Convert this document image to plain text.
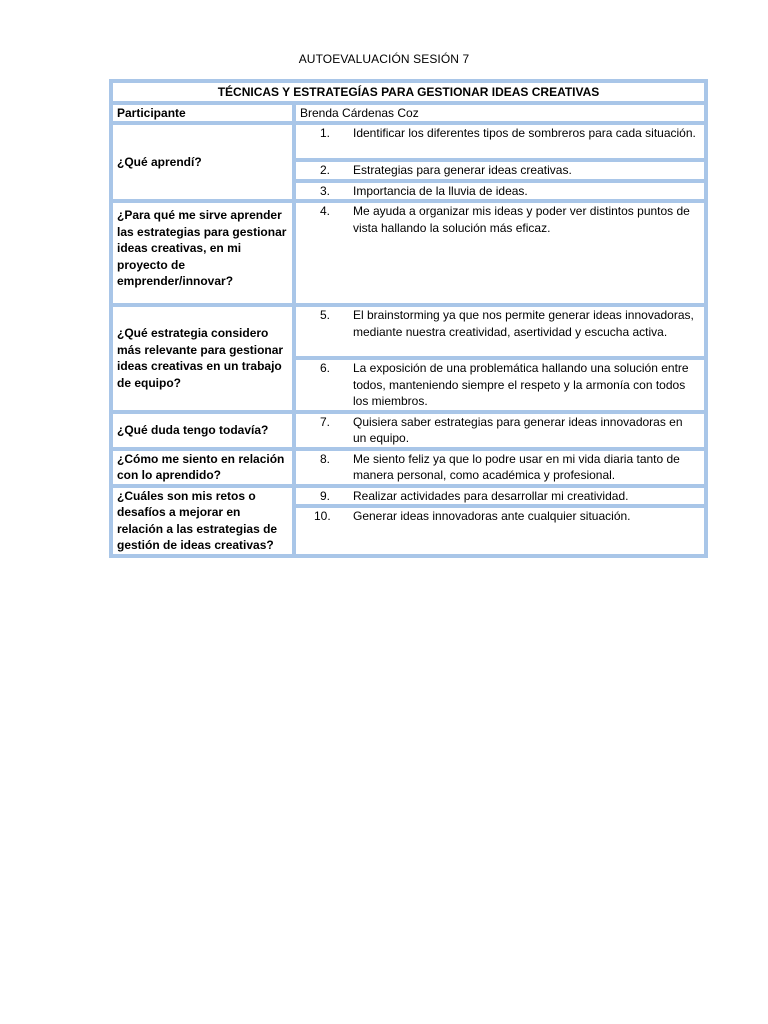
AUTOEVALUACIÓN SESIÓN 7
TÉCNICAS Y ESTRATEGÍAS PARA GESTIONAR IDEAS CREATIVAS	
Participante	Brenda Cárdenas Coz
¿Qué aprendí?	1. Identificar los diferentes tipos de sombreros para cada situación.

	2. Estrategias para generar ideas creativas.

	3. Importancia de la lluvia de ideas.

¿Para qué me sirve aprender las estrategias para gestionar ideas creativas, en mi proyecto de emprender/innovar?	4. Me ayuda a organizar mis ideas y poder ver distintos puntos de vista hallando la solución más eficaz.

¿Qué estrategia considero más relevante para gestionar ideas creativas en un trabajo de equipo?	5. El brainstorming ya que nos permite generar ideas innovadoras, mediante nuestra creatividad, asertividad y escucha activa.

	6. La exposición de una problemática hallando una solución entre todos, manteniendo siempre el respeto y la armonía con todos los miembros.

¿Qué duda tengo todavía?	7. Quisiera saber estrategias para generar ideas innovadoras en un equipo.

¿Cómo me siento en relación con lo aprendido?	8. Me siento feliz ya que lo podre usar en mi vida diaria tanto de manera personal, como académica y profesional.

¿Cuáles son mis retos o desafíos a mejorar en relación a las estrategias de gestión de ideas creativas?	9. Realizar actividades para desarrollar mi creatividad.

	10. Generar ideas innovadoras ante cualquier situación.
